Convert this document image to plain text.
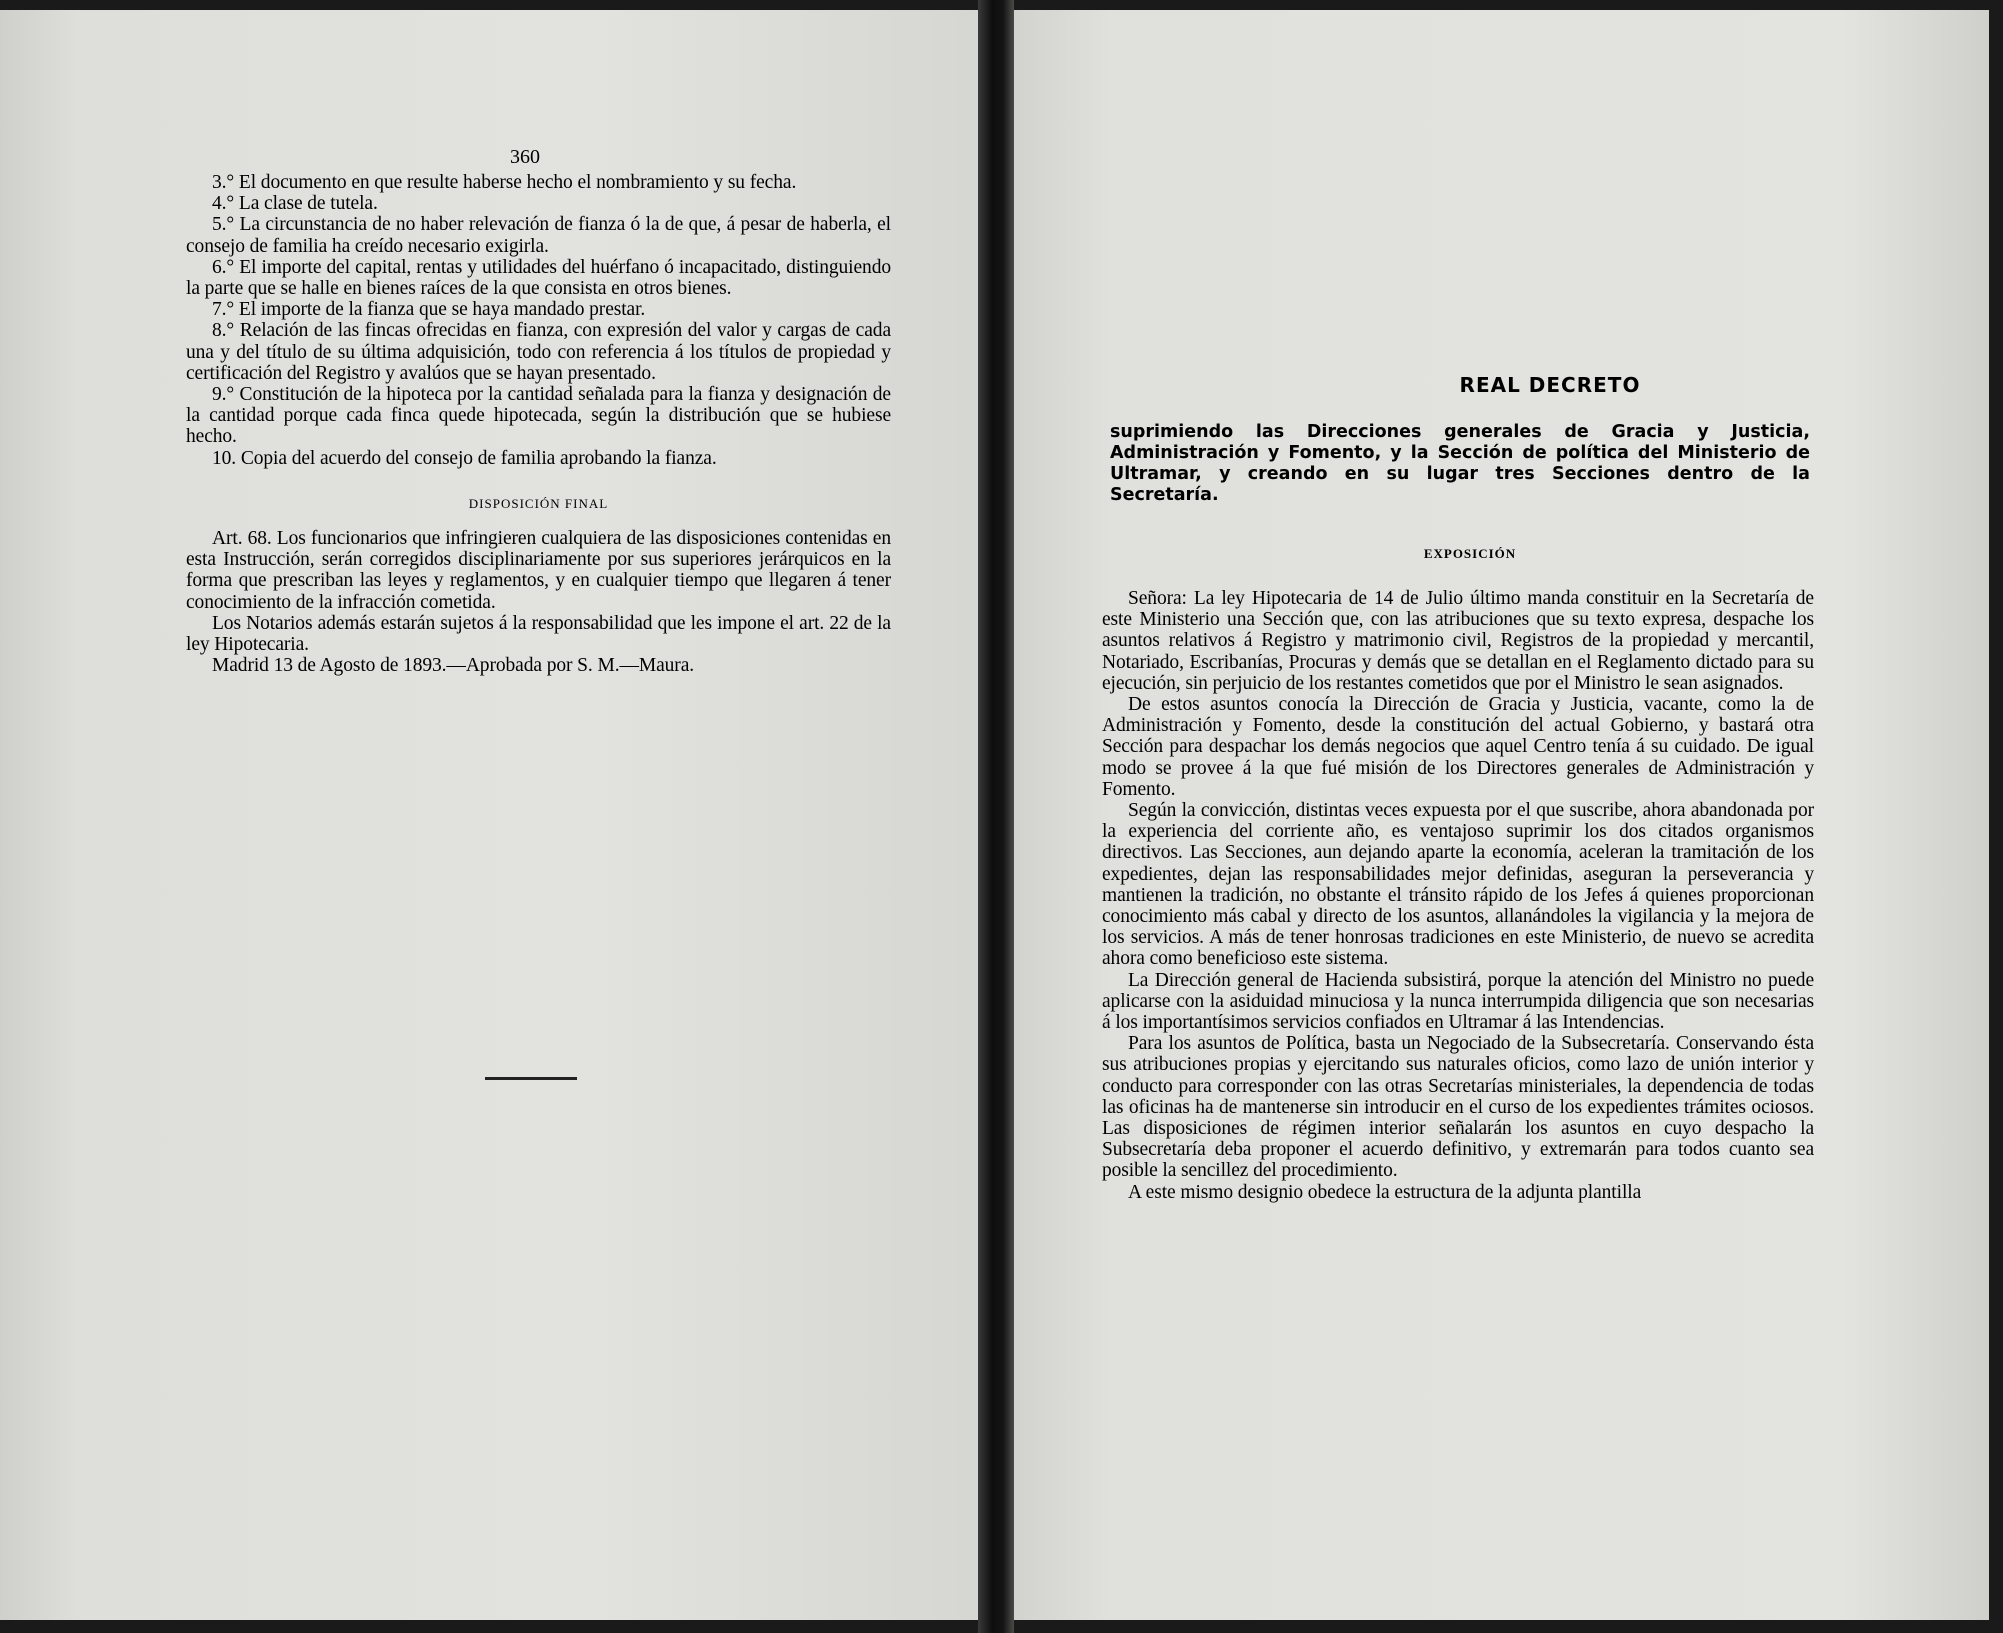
360

3.° El documento en que resulte haberse hecho el nombramiento y su fecha.

4.° La clase de tutela.

5.° La circunstancia de no haber relevación de fianza ó la de que, á pesar de haberla, el consejo de familia ha creído necesario exigirla.

6.° El importe del capital, rentas y utilidades del huérfano ó incapacitado, distinguiendo la parte que se halle en bienes raíces de la que consista en otros bienes.

7.° El importe de la fianza que se haya mandado prestar.

8.° Relación de las fincas ofrecidas en fianza, con expresión del valor y cargas de cada una y del título de su última adquisición, todo con referencia á los títulos de propiedad y certificación del Registro y avalúos que se hayan presentado.

9.° Constitución de la hipoteca por la cantidad señalada para la fianza y designación de la cantidad porque cada finca quede hipotecada, según la distribución que se hubiese hecho.

10. Copia del acuerdo del consejo de familia aprobando la fianza.

DISPOSICIÓN FINAL

Art. 68. Los funcionarios que infringieren cualquiera de las disposiciones contenidas en esta Instrucción, serán corregidos disciplinariamente por sus superiores jerárquicos en la forma que prescriban las leyes y reglamentos, y en cualquier tiempo que llegaren á tener conocimiento de la infracción cometida.

Los Notarios además estarán sujetos á la responsabilidad que les impone el art. 22 de la ley Hipotecaria.

Madrid 13 de Agosto de 1893.—Aprobada por S. M.—Maura.

REAL DECRETO
suprimiendo las Direcciones generales de Gracia y Justicia, Administración y Fomento, y la Sección de política del Ministerio de Ultramar, y creando en su lugar tres Secciones dentro de la Secretaría.
EXPOSICIÓN

Señora: La ley Hipotecaria de 14 de Julio último manda constituir en la Secretaría de este Ministerio una Sección que, con las atribuciones que su texto expresa, despache los asuntos relativos á Registro y matrimonio civil, Registros de la propiedad y mercantil, Notariado, Escribanías, Procuras y demás que se detallan en el Reglamento dictado para su ejecución, sin perjuicio de los restantes cometidos que por el Ministro le sean asignados.

De estos asuntos conocía la Dirección de Gracia y Justicia, vacante, como la de Administración y Fomento, desde la constitución del actual Gobierno, y bastará otra Sección para despachar los demás negocios que aquel Centro tenía á su cuidado. De igual modo se provee á la que fué misión de los Directores generales de Administración y Fomento.

Según la convicción, distintas veces expuesta por el que suscribe, ahora abandonada por la experiencia del corriente año, es ventajoso suprimir los dos citados organismos directivos. Las Secciones, aun dejando aparte la economía, aceleran la tramitación de los expedientes, dejan las responsabilidades mejor definidas, aseguran la perseverancia y mantienen la tradición, no obstante el tránsito rápido de los Jefes á quienes proporcionan conocimiento más cabal y directo de los asuntos, allanándoles la vigilancia y la mejora de los servicios. A más de tener honrosas tradiciones en este Ministerio, de nuevo se acredita ahora como beneficioso este sistema.

La Dirección general de Hacienda subsistirá, porque la atención del Ministro no puede aplicarse con la asiduidad minuciosa y la nunca interrumpida diligencia que son necesarias á los importantísimos servicios confiados en Ultramar á las Intendencias.

Para los asuntos de Política, basta un Negociado de la Subsecretaría. Conservando ésta sus atribuciones propias y ejercitando sus naturales oficios, como lazo de unión interior y conducto para corresponder con las otras Secretarías ministeriales, la dependencia de todas las oficinas ha de mantenerse sin introducir en el curso de los expedientes trámites ociosos. Las disposiciones de régimen interior señalarán los asuntos en cuyo despacho la Subsecretaría deba proponer el acuerdo definitivo, y extremarán para todos cuanto sea posible la sencillez del procedimiento.

A este mismo designio obedece la estructura de la adjunta plantilla
